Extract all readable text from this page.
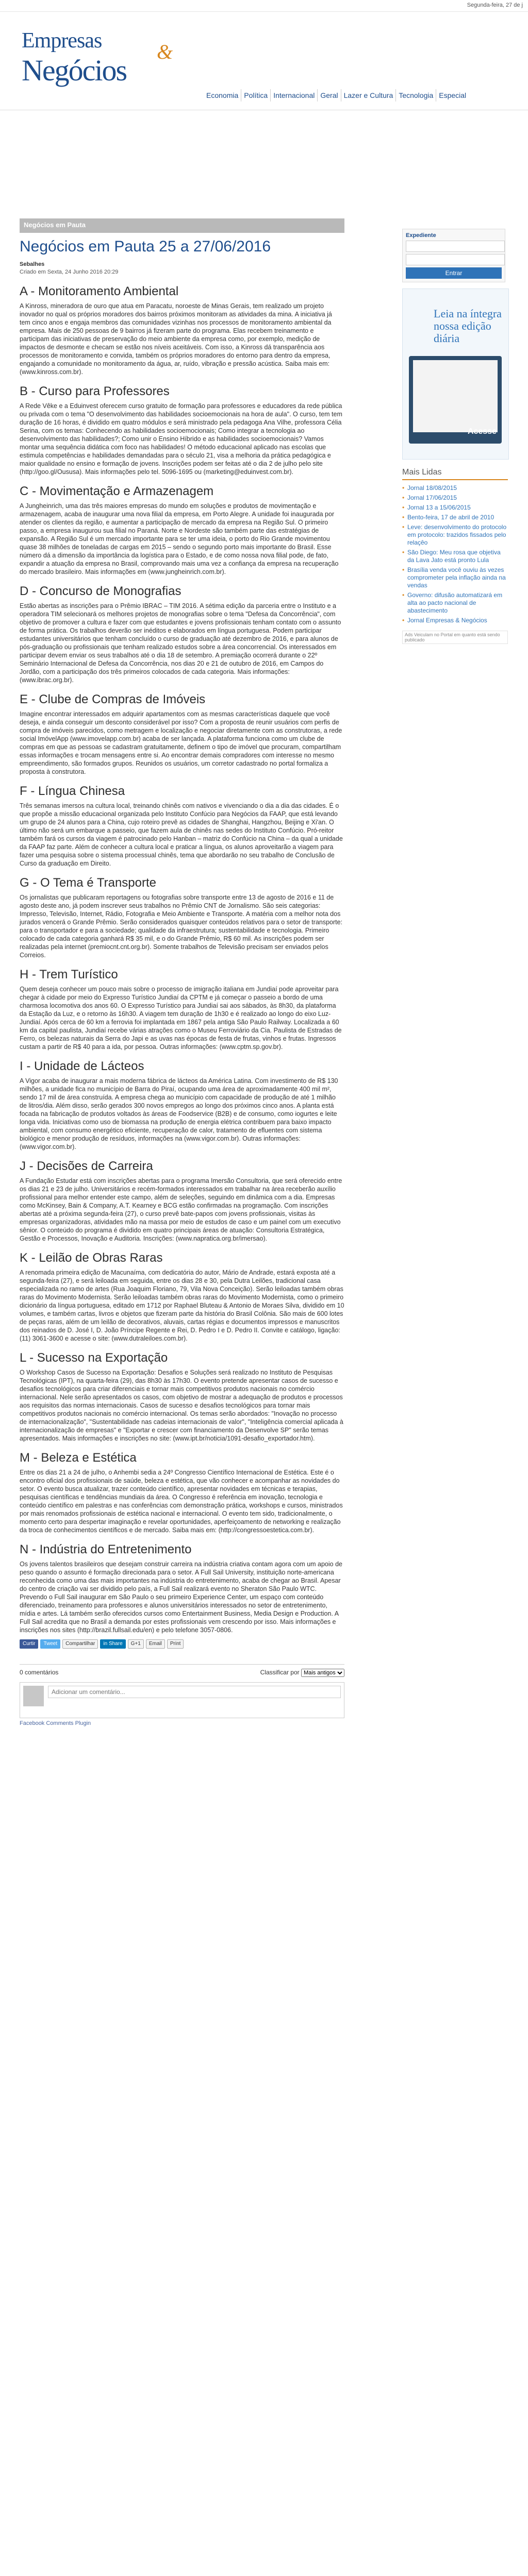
Segunda-feira, 27 de j
Empresas	&
Negócios
Economia Política Internacional Geral Lazer e Cultura Tecnologia Especial
Negócios em Pauta
Negócios em Pauta 25 a 27/06/2016
Sebalhes
Criado em Sexta, 24 Junho 2016 20:29
A - Monitoramento Ambiental

A Kinross, mineradora de ouro que atua em Paracatu, noroeste de Minas Gerais, tem realizado um projeto inovador no qual os próprios moradores dos bairros próximos monitoram as atividades da mina. A iniciativa já tem cinco anos e engaja membros das comunidades vizinhas nos processos de monitoramento ambiental da empresa. Mais de 250 pessoas de 9 bairros já fizeram parte do programa. Elas recebem treinamento e participam das iniciativas de preservação do meio ambiente da empresa como, por exemplo, medição de impactos de desmonte e checam se estão nos níveis aceitáveis. Com isso, a Kinross dá transparência aos processos de monitoramento e convida, também os próprios moradores do entorno para dentro da empresa, engajando a comunidade no monitoramento da água, ar, ruído, vibração e pressão acústica. Saiba mais em: (www.kinross.com.br).

B - Curso para Professores

A Rede Vêke e a Eduinvest oferecem curso gratuito de formação para professores e educadores da rede pública ou privada com o tema "O desenvolvimento das habilidades socioemocionais na hora de aula". O curso, tem tem duração de 16 horas, é dividido em quatro módulos e será ministrado pela pedagoga Ana Vilhe, professora Célia Serina, com os temas: Conhecendo as habilidades socioemocionais; Como integrar a tecnologia ao desenvolvimento das habilidades?; Como unir o Ensino Híbrido e as habilidades socioemocionais? Vamos montar uma sequência didática com foco nas habilidades! O método educacional aplicado nas escolas que estimula competências e habilidades demandadas para o século 21, visa a melhoria da prática pedagógica e maior qualidade no ensino e formação de jovens. Inscrições podem ser feitas até o dia 2 de julho pelo site (http://goo.gl/Oususa). Mais informações pelo tel. 5096-1695 ou (marketing@eduinvest.com.br).

C - Movimentação e Armazenagem

A Jungheinrich, uma das três maiores empresas do mundo em soluções e produtos de movimentação e armazenagem, acaba de inaugurar uma nova filial da empresa, em Porto Alegre. A unidade foi inaugurada por atender os clientes da região, e aumentar a participação de mercado da empresa na Região Sul. O primeiro passo, a empresa inaugurou sua filial no Paraná. Norte e Nordeste são também parte das estratégias de expansão. A Região Sul é um mercado importante para se ter uma ideia, o porto do Rio Grande movimentou quase 38 milhões de toneladas de cargas em 2015 – sendo o segundo porto mais importante do Brasil. Esse número dá a dimensão da importância da logística para o Estado, e de como nossa nova filial pode, de fato, expandir a atuação da empresa no Brasil, comprovando mais uma vez a confiança da empresa na recuperação do mercado brasileiro. Mais informações em (www.jungheinrich.com.br).

D - Concurso de Monografias

Estão abertas as inscrições para o Prêmio IBRAC – TIM 2016. A sétima edição da parceria entre o Instituto e a operadora TIM selecionará os melhores projetos de monografias sobre o tema "Defesa da Concorrência", com objetivo de promover a cultura e fazer com que estudantes e jovens profissionais tenham contato com o assunto de forma prática. Os trabalhos deverão ser inéditos e elaborados em língua portuguesa. Podem participar estudantes universitários que tenham concluído o curso de graduação até dezembro de 2016, e para alunos de pós-graduação ou profissionais que tenham realizado estudos sobre a área concorrencial. Os interessados em participar devem enviar os seus trabalhos até o dia 18 de setembro. A premiação ocorrerá durante o 22º Seminário Internacional de Defesa da Concorrência, nos dias 20 e 21 de outubro de 2016, em Campos do Jordão, com a participação dos três primeiros colocados de cada categoria. Mais informações: (www.ibrac.org.br).

E - Clube de Compras de Imóveis

Imagine encontrar interessados em adquirir apartamentos com as mesmas características daquele que você deseja, e ainda conseguir um desconto considerável por isso? Com a proposta de reunir usuários com perfis de compra de imóveis parecidos, como metragem e localização e negociar diretamente com as construtoras, a rede social ImóvelApp (www.imovelapp.com.br) acaba de ser lançada. A plataforma funciona como um clube de compras em que as pessoas se cadastram gratuitamente, definem o tipo de imóvel que procuram, compartilham essas informações e trocam mensagens entre si. Ao encontrar demais compradores com interesse no mesmo empreendimento, são formados grupos. Reunidos os usuários, um corretor cadastrado no portal formaliza a proposta à construtora.

F - Língua Chinesa

Três semanas imersos na cultura local, treinando chinês com nativos e vivenciando o dia a dia das cidades. É o que propõe a missão educacional organizada pelo Instituto Confúcio para Negócios da FAAP, que está levando um grupo de 24 alunos para a China, cujo roteiro prevê as cidades de Shanghai, Hangzhou, Beijing e Xi'an. O último não será um embarque a passeio, que fazem aula de chinês nas sedes do Instituto Confúcio. Pró-reitor também fará os cursos da viagem é patrocinado pelo Hanban – matriz do Confúcio na China – da qual a unidade da FAAP faz parte. Além de conhecer a cultura local e praticar a língua, os alunos aproveitarão a viagem para fazer uma pesquisa sobre o sistema processual chinês, tema que abordarão no seu trabalho de Conclusão de Curso da graduação em Direito.

G - O Tema é Transporte

Os jornalistas que publicaram reportagens ou fotografias sobre transporte entre 13 de agosto de 2016 e 11 de agosto deste ano, já podem inscrever seus trabalhos no Prêmio CNT de Jornalismo. São seis categorias: Impresso, Televisão, Internet, Rádio, Fotografia e Meio Ambiente e Transporte. A matéria com a melhor nota dos jurados vencerá o Grande Prêmio. Serão considerados quaisquer conteúdos relativos para o setor de transporte: para o transportador e para a sociedade; qualidade da infraestrutura; sustentabilidade e tecnologia. Primeiro colocado de cada categoria ganhará R$ 35 mil, e o do Grande Prêmio, R$ 60 mil. As inscrições podem ser realizadas pela internet (premiocnt.cnt.org.br). Somente trabalhos de Televisão precisam ser enviados pelos Correios.

H - Trem Turístico

Quem deseja conhecer um pouco mais sobre o processo de imigração italiana em Jundiaí pode aproveitar para chegar à cidade por meio do Expresso Turístico Jundiaí da CPTM e já começar o passeio a bordo de uma charmosa locomotiva dos anos 60. O Expresso Turístico para Jundiaí sai aos sábados, às 8h30, da plataforma da Estação da Luz, e o retorno às 16h30. A viagem tem duração de 1h30 e é realizado ao longo do eixo Luz-Jundiaí. Após cerca de 60 km a ferrovia foi implantada em 1867 pela antiga São Paulo Railway. Localizada a 60 km da capital paulista, Jundiaí recebe várias atrações como o Museu Ferroviário da Cia. Paulista de Estradas de Ferro, os belezas naturais da Serra do Japi e as uvas nas épocas de festa de frutas, vinhos e frutas. Ingressos custam a partir de R$ 40 para a ida, por pessoa. Outras informações: (www.cptm.sp.gov.br).

I - Unidade de Lácteos

A Vigor acaba de inaugurar a mais moderna fábrica de lácteos da América Latina. Com investimento de R$ 130 milhões, a unidade fica no município de Barra do Piraí, ocupando uma área de aproximadamente 400 mil m², sendo 17 mil de área construída. A empresa chega ao município com capacidade de produção de até 1 milhão de litros/dia. Além disso, serão gerados 300 novos empregos ao longo dos próximos cinco anos. A planta está focada na fabricação de produtos voltados às áreas de Foodservice (B2B) e de consumo, como iogurtes e leite longa vida. Iniciativas como uso de biomassa na produção de energia elétrica contribuem para baixo impacto ambiental, com consumo energético eficiente, recuperação de calor, tratamento de efluentes com sistema biológico e menor produção de resíduos, informações na (www.vigor.com.br). Outras informações: (www.vigor.com.br).

J - Decisões de Carreira

A Fundação Estudar está com inscrições abertas para o programa Imersão Consultoria, que será oferecido entre os dias 21 e 23 de julho. Universitários e recém-formados interessados em trabalhar na área receberão auxílio profissional para melhor entender este campo, além de seleções, seguindo em dinâmica com a dia. Empresas como McKinsey, Bain & Company, A.T. Kearney e BCG estão confirmadas na programação. Com inscrições abertas até a próxima segunda-feira (27), o curso prevê bate-papos com jovens profissionais, visitas às empresas organizadoras, atividades mão na massa por meio de estudos de caso e um painel com um executivo sênior. O conteúdo do programa é dividido em quatro principais áreas de atuação: Consultoria Estratégica, Gestão e Processos, Inovação e Auditoria. Inscrições: (www.napratica.org.br/imersao).

K - Leilão de Obras Raras

A renomada primeira edição de Macunaíma, com dedicatória do autor, Mário de Andrade, estará exposta até a segunda-feira (27), e será leiloada em seguida, entre os dias 28 e 30, pela Dutra Leilões, tradicional casa especializada no ramo de artes (Rua Joaquim Floriano, 79, Vila Nova Conceição). Serão leiloadas também obras raras do Movimento Modernista. Serão leiloadas também obras raras do Movimento Modernista, como o primeiro dicionário da língua portuguesa, editado em 1712 por Raphael Bluteau & Antonio de Moraes Silva, dividido em 10 volumes, e também cartas, livros e objetos que fizeram parte da história do Brasil Colônia. São mais de 600 lotes de peças raras, além de um leilão de decorativos, aluvais, cartas régias e documentos impressos e manuscritos dos reinados de D. José I, D. João Príncipe Regente e Rei, D. Pedro I e D. Pedro II. Convite e catálogo, ligação: (11) 3061-3600 e acesse o site: (www.dutraleiloes.com.br).

L - Sucesso na Exportação

O Workshop Casos de Sucesso na Exportação: Desafios e Soluções será realizado no Instituto de Pesquisas Tecnológicas (IPT), na quarta-feira (29), das 8h30 às 17h30. O evento pretende apresentar casos de sucesso e desafios tecnológicos para criar diferenciais e tornar mais competitivos produtos nacionais no comércio internacional. Nele serão apresentados os casos, com objetivo de mostrar a adequação de produtos e processos aos requisitos das normas internacionais. Casos de sucesso e desafios tecnológicos para tornar mais competitivos produtos nacionais no comércio internacional. Os temas serão abordados: "Inovação no processo de internacionalização", "Sustentabilidade nas cadeias internacionais de valor", "Inteligência comercial aplicada à internacionalização de empresas" e "Exportar e crescer com financiamento da Desenvolve SP" serão temas apresentados. Mais informações e inscrições no site: (www.ipt.br/noticia/1091-desafio_exportador.htm).

M - Beleza e Estética

Entre os dias 21 a 24 de julho, o Anhembi sedia a 24º Congresso Científico Internacional de Estética. Este é o encontro oficial dos profissionais de saúde, beleza e estética, que vão conhecer e acompanhar as novidades do setor. O evento busca atualizar, trazer conteúdo científico, apresentar novidades em técnicas e terapias, pesquisas científicas e tendências mundiais da área. O Congresso é referência em inovação, tecnologia e conteúdo científico em palestras e nas conferências com demonstração prática, workshops e cursos, ministrados por mais renomados profissionais de estética nacional e internacional. O evento tem sido, tradicionalmente, o momento certo para despertar imaginação e revelar oportunidades, aperfeiçoamento de networking e realização da troca de conhecimentos científicos e de mercado. Saiba mais em: (http://congressoestetica.com.br).

N - Indústria do Entretenimento

Os jovens talentos brasileiros que desejam construir carreira na indústria criativa contam agora com um apoio de peso quando o assunto é formação direcionada para o setor. A Full Sail University, instituição norte-americana reconhecida como uma das mais importantes na indústria do entretenimento, acaba de chegar ao Brasil. Apesar do centro de criação vai ser dividido pelo país, a Full Sail realizará evento no Sheraton São Paulo WTC. Prevendo o Full Sail inaugurar em São Paulo o seu primeiro Experience Center, um espaço com conteúdo diferenciado, treinamento para professores e alunos universitários interessados no setor de entretenimento, mídia e artes. Lá também serão oferecidos cursos como Entertainment Business, Media Design e Production. A Full Sail acredita que no Brasil a demanda por estes profissionais vem crescendo por isso. Mais informações e inscrições nos sites (http://brazil.fullsail.edu/en) e pelo telefone 3057-0806.

Curtir	Tweet	Compartilhar	in Share	G+1	Email	Print
0 comentários	Classificar por
Mais antigos
Adicionar um comentário...
Facebook Comments Plugin
Expediente

Entrar
Leia na íntegra nossa edição diária
Acesse
Mais Lidas
• Jornal 18/08/2015
• Jornal 17/06/2015
• Jornal 13 a 15/06/2015
• Bento-feira, 17 de abril de 2010
• Leve: desenvolvimento do protocolo em protocolo: trazidos fissados pelo relaçêo
• São Diego: Meu rosa que objetiva da Lava Jato está pronto Lula
• Brasília venda você ouviu às vezes comprometer pela inflação ainda na vendas
• Governo: difusão automatizará em alta ao pacto nacional de abastecimento
• Jornal Empresas & Negócios
Ads Veiculam no Portal em quanto está sendo publicado
